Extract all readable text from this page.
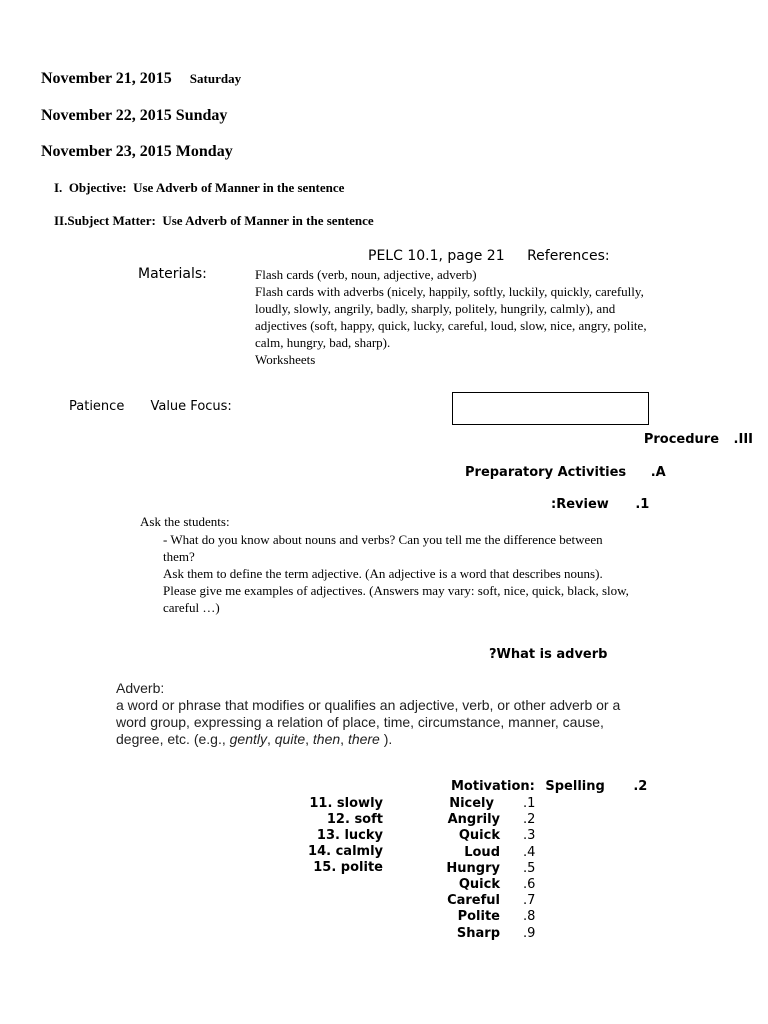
November 21, 2015 Saturday
November 22, 2015 Sunday
November 23, 2015 Monday
I. Objective: Use Adverb of Manner in the sentence
II.Subject Matter: Use Adverb of Manner in the sentence
PELC 10.1, page 21 References:
Materials:	Flash cards (verb, noun, adjective, adverb)
Flash cards with adverbs (nicely, happily, softly, luckily, quickly, carefully,
loudly, slowly, angrily, badly, sharply, politely, hungrily, calmly), and
adjectives (soft, happy, quick, lucky, careful, loud, slow, nice, angry, polite,
calm, hungry, bad, sharp).
Worksheets
Patience Value Focus:
Procedure .III
Preparatory Activities .A
:Review .1
Ask the students:
- What do you know about nouns and verbs? Can you tell me the difference between
them?
Ask them to define the term adjective. (An adjective is a word that describes nouns).
Please give me examples of adjectives. (Answers may vary: soft, nice, quick, black, slow,
careful …)
?What is adverb
Adverb:
a word or phrase that modifies or qualifies an adjective, verb, or other adverb or a
word group, expressing a relation of place, time, circumstance, manner, cause,
degree, etc. (e.g., gently, quite, then, there ).
Motivation: Spelling .2
11. slowly
12. soft
13. lucky
14. calmly
15. polite
Nicely
Angrily
Quick
Loud
Hungry
Quick
Careful
Polite
Sharp
.1
.2
.3
.4
.5
.6
.7
.8
.9
